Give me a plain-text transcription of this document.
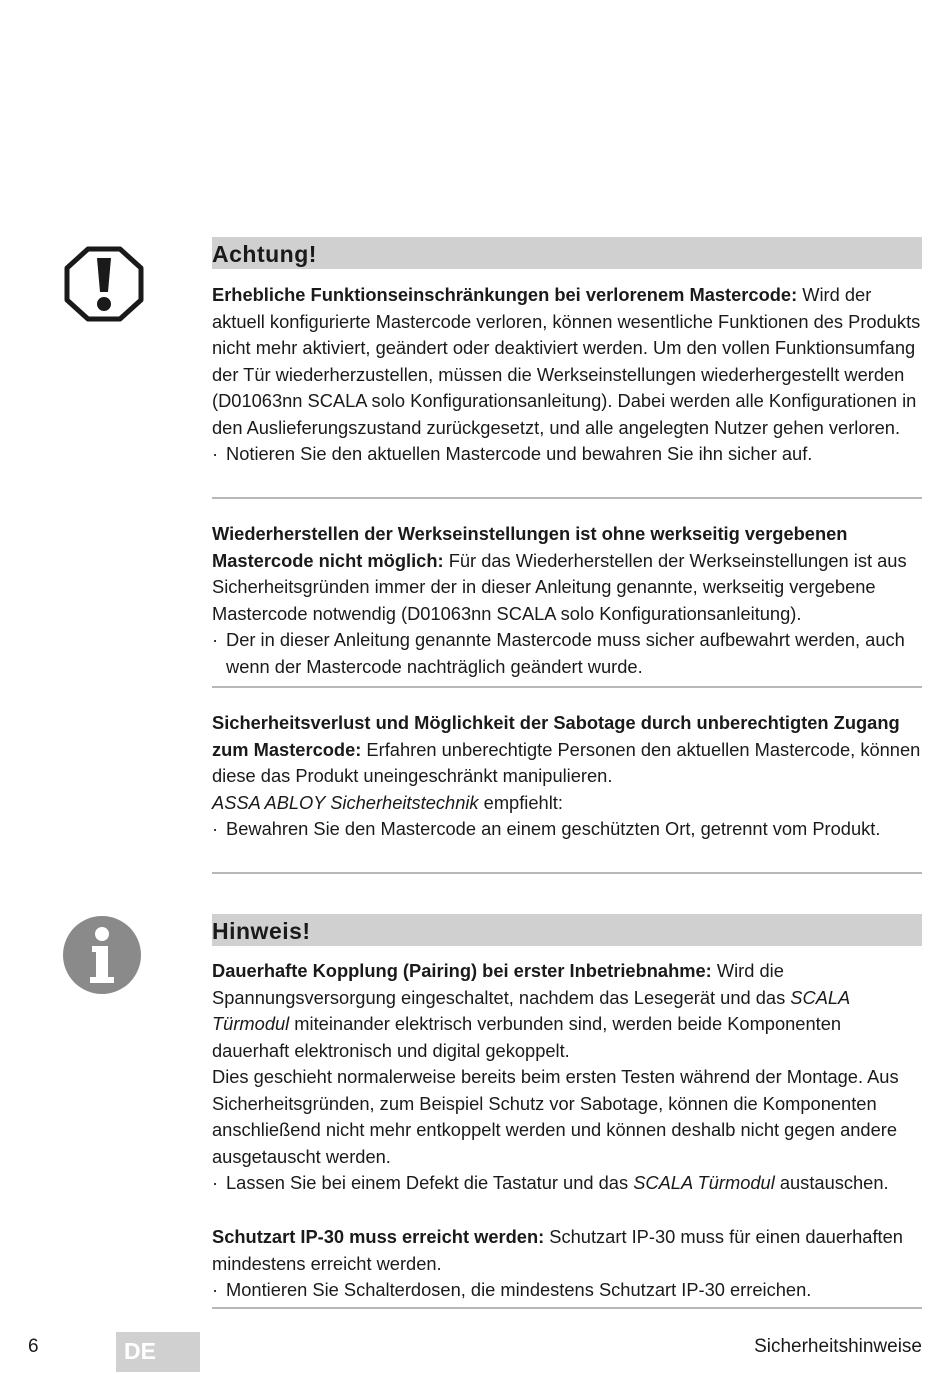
Achtung!

Erhebliche Funktionseinschränkungen bei verlorenem Mastercode: Wird der aktuell konfigurierte Mastercode verloren, können wesentliche Funktionen des Produkts nicht mehr aktiviert, geändert oder deaktiviert werden. Um den vollen Funktionsumfang der Tür wiederherzustellen, müssen die Werkseinstellungen wiederhergestellt werden (D01063nn SCALA solo Konfigurationsanleitung). Dabei werden alle Konfigurationen in den Auslieferungszustand zurückgesetzt, und alle angelegten Nutzer gehen verloren.

· Notieren Sie den aktuellen Mastercode und bewahren Sie ihn sicher auf.

Wiederherstellen der Werkseinstellungen ist ohne werkseitig vergebenen Mastercode nicht möglich: Für das Wiederherstellen der Werkseinstellungen ist aus Sicherheitsgründen immer der in dieser Anleitung genannte, werkseitig vergebene Mastercode notwendig (D01063nn SCALA solo Konfigurationsanleitung).

· Der in dieser Anleitung genannte Mastercode muss sicher aufbewahrt werden, auch wenn der Mastercode nachträglich geändert wurde.

Sicherheitsverlust und Möglichkeit der Sabotage durch unberechtigten Zugang zum Mastercode: Erfahren unberechtigte Personen den aktuellen Mastercode, können diese das Produkt uneingeschränkt manipulieren.

ASSA ABLOY Sicherheitstechnik empfiehlt:

· Bewahren Sie den Mastercode an einem geschützten Ort, getrennt vom Produkt.

Hinweis!

Dauerhafte Kopplung (Pairing) bei erster Inbetriebnahme: Wird die Spannungsversorgung eingeschaltet, nachdem das Lesegerät und das SCALA Türmodul miteinander elektrisch verbunden sind, werden beide Komponenten dauerhaft elektronisch und digital gekoppelt.

Dies geschieht normalerweise bereits beim ersten Testen während der Montage. Aus Sicherheitsgründen, zum Beispiel Schutz vor Sabotage, können die Komponenten anschließend nicht mehr entkoppelt werden und können deshalb nicht gegen andere ausgetauscht werden.

· Lassen Sie bei einem Defekt die Tastatur und das SCALA Türmodul austauschen.

Schutzart IP-30 muss erreicht werden: Schutzart IP-30 muss für einen dauerhaften mindestens erreicht werden.

· Montieren Sie Schalterdosen, die mindestens Schutzart IP-30 erreichen.

6	DE	Sicherheitshinweise
